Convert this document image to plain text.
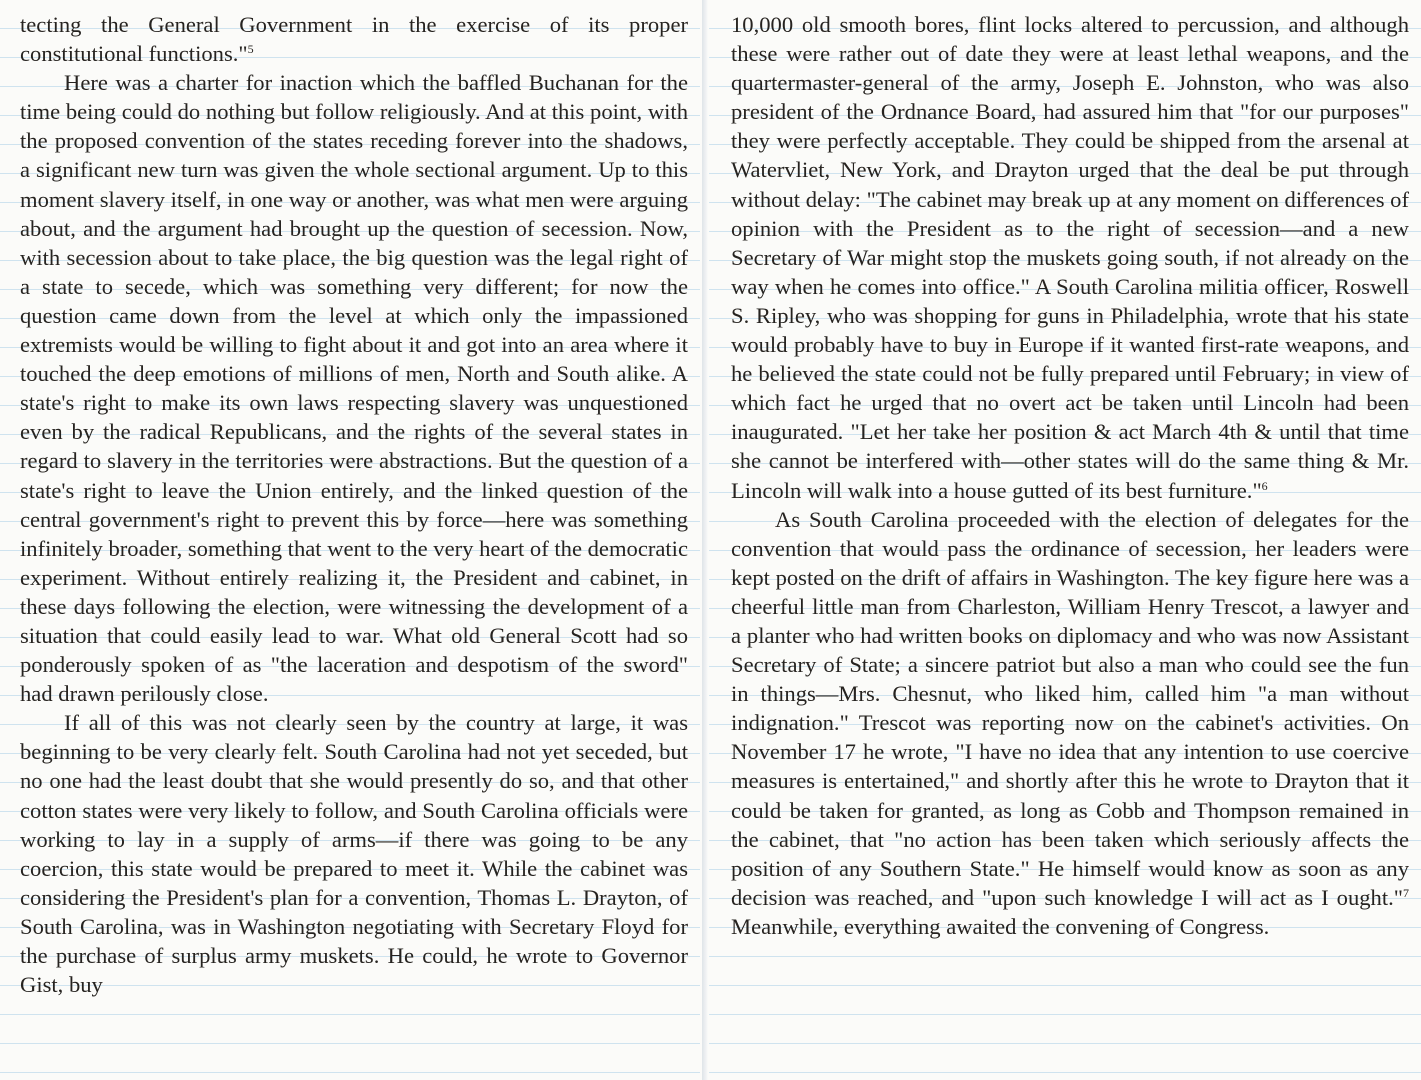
tecting the General Government in the exercise of its proper constitutional functions."$^5$

Here was a charter for inaction which the baffled Buchanan for the time being could do nothing but follow religiously. And at this point, with the proposed convention of the states receding forever into the shadows, a significant new turn was given the whole sectional argument. Up to this moment slavery itself, in one way or another, was what men were arguing about, and the argument had brought up the question of secession. Now, with secession about to take place, the big question was the legal right of a state to secede, which was something very different; for now the question came down from the level at which only the impassioned extremists would be willing to fight about it and got into an area where it touched the deep emotions of millions of men, North and South alike. A state's right to make its own laws respecting slavery was unquestioned even by the radical Republicans, and the rights of the several states in regard to slavery in the territories were abstractions. But the question of a state's right to leave the Union entirely, and the linked question of the central government's right to prevent this by force—here was something infinitely broader, something that went to the very heart of the democratic experiment. Without entirely realizing it, the President and cabinet, in these days following the election, were witnessing the development of a situation that could easily lead to war. What old General Scott had so ponderously spoken of as "the laceration and despotism of the sword" had drawn perilously close.

If all of this was not clearly seen by the country at large, it was beginning to be very clearly felt. South Carolina had not yet seceded, but no one had the least doubt that she would presently do so, and that other cotton states were very likely to follow, and South Carolina officials were working to lay in a supply of arms—if there was going to be any coercion, this state would be prepared to meet it. While the cabinet was considering the President's plan for a convention, Thomas L. Drayton, of South Carolina, was in Washington negotiating with Secretary Floyd for the purchase of surplus army muskets. He could, he wrote to Governor Gist, buy

10,000 old smooth bores, flint locks altered to percussion, and although these were rather out of date they were at least lethal weapons, and the quartermaster-general of the army, Joseph E. Johnston, who was also president of the Ordnance Board, had assured him that "for our purposes" they were perfectly acceptable. They could be shipped from the arsenal at Watervliet, New York, and Drayton urged that the deal be put through without delay: "The cabinet may break up at any moment on differences of opinion with the President as to the right of secession—and a new Secretary of War might stop the muskets going south, if not already on the way when he comes into office." A South Carolina militia officer, Roswell S. Ripley, who was shopping for guns in Philadelphia, wrote that his state would probably have to buy in Europe if it wanted first-rate weapons, and he believed the state could not be fully prepared until February; in view of which fact he urged that no overt act be taken until Lincoln had been inaugurated. "Let her take her position & act March 4th & until that time she cannot be interfered with—other states will do the same thing & Mr. Lincoln will walk into a house gutted of its best furniture."$^6$

As South Carolina proceeded with the election of delegates for the convention that would pass the ordinance of secession, her leaders were kept posted on the drift of affairs in Washington. The key figure here was a cheerful little man from Charleston, William Henry Trescot, a lawyer and a planter who had written books on diplomacy and who was now Assistant Secretary of State; a sincere patriot but also a man who could see the fun in things—Mrs. Chesnut, who liked him, called him "a man without indignation." Trescot was reporting now on the cabinet's activities. On November 17 he wrote, "I have no idea that any intention to use coercive measures is entertained," and shortly after this he wrote to Drayton that it could be taken for granted, as long as Cobb and Thompson remained in the cabinet, that "no action has been taken which seriously affects the position of any Southern State." He himself would know as soon as any decision was reached, and "upon such knowledge I will act as I ought."$^7$ Meanwhile, everything awaited the convening of Congress.
